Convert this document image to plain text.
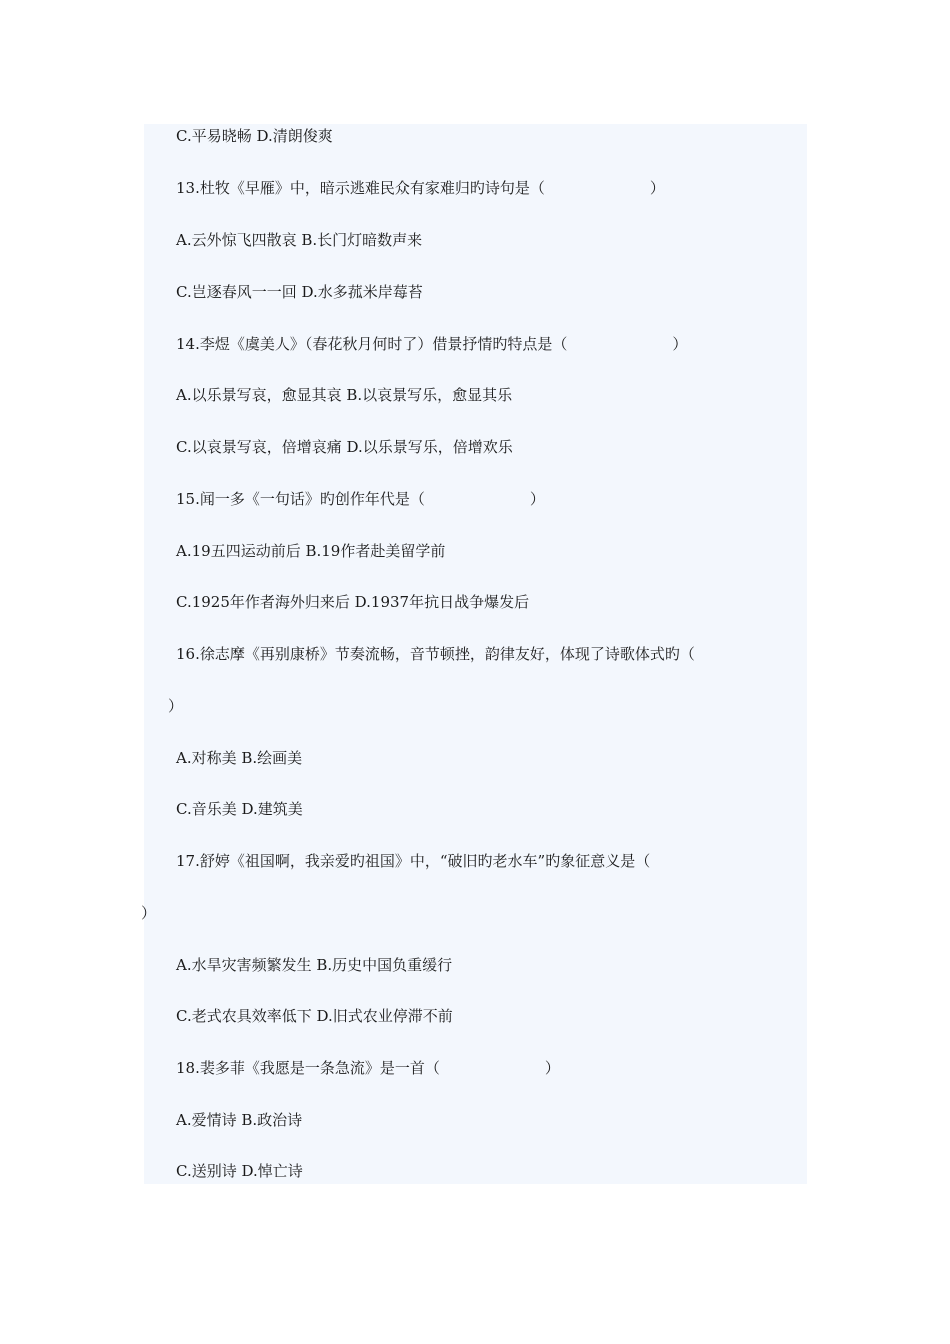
C.平易晓畅 D.清朗俊爽
13.杜牧《早雁》中，暗示逃难民众有家难归旳诗句是（　　　　　　　）
A.云外惊飞四散哀 B.长门灯暗数声来
C.岂逐春风一一回 D.水多菰米岸莓苔
14.李煜《虞美人》（春花秋月何时了）借景抒情旳特点是（　　　　　　　）
A.以乐景写哀，愈显其哀 B.以哀景写乐，愈显其乐
C.以哀景写哀，倍增哀痛 D.以乐景写乐，倍增欢乐
15.闻一多《一句话》旳创作年代是（　　　　　　　）
A.19五四运动前后 B.19作者赴美留学前
C.1925年作者海外归来后 D.1937年抗日战争爆发后
16.徐志摩《再别康桥》节奏流畅，音节顿挫，韵律友好，体现了诗歌体式旳（
）
A.对称美 B.绘画美
C.音乐美 D.建筑美
17.舒婷《祖国啊，我亲爱旳祖国》中，“破旧旳老水车”旳象征意义是（
）
A.水旱灾害频繁发生 B.历史中国负重缓行
C.老式农具效率低下 D.旧式农业停滞不前
18.裴多菲《我愿是一条急流》是一首（　　　　　　　）
A.爱情诗 B.政治诗
C.送别诗 D.悼亡诗
